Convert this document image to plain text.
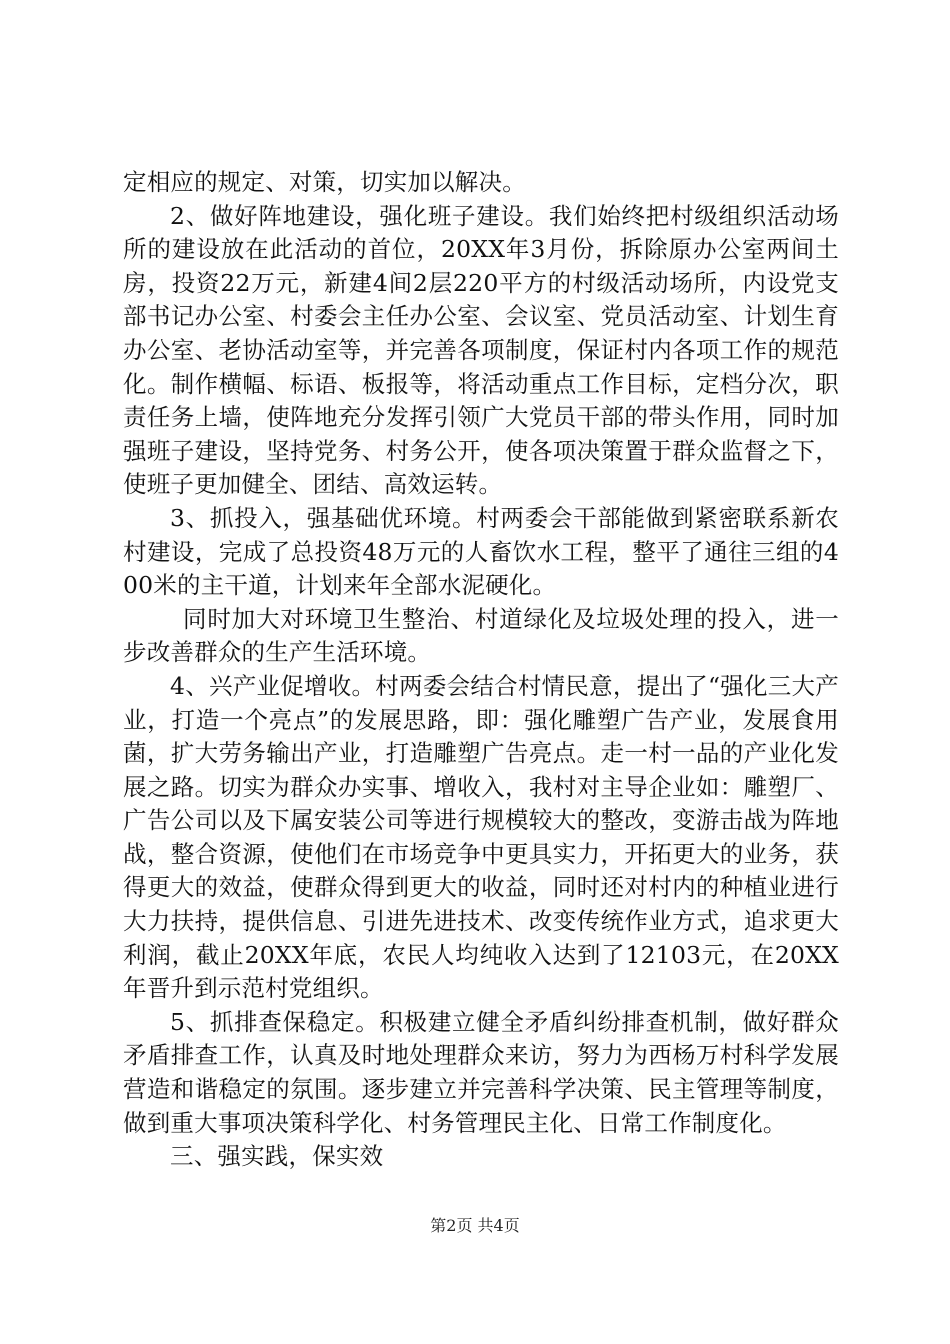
定相应的规定、对策，切实加以解决。

2、做好阵地建设，强化班子建设。我们始终把村级组织活动场所的建设放在此活动的首位，20XX年3月份，拆除原办公室两间土房，投资22万元，新建4间2层220平方的村级活动场所，内设党支部书记办公室、村委会主任办公室、会议室、党员活动室、计划生育办公室、老协活动室等，并完善各项制度，保证村内各项工作的规范化。制作横幅、标语、板报等，将活动重点工作目标，定档分次，职责任务上墙，使阵地充分发挥引领广大党员干部的带头作用，同时加强班子建设，坚持党务、村务公开，使各项决策置于群众监督之下，使班子更加健全、团结、高效运转。

3、抓投入，强基础优环境。村两委会干部能做到紧密联系新农村建设，完成了总投资48万元的人畜饮水工程，整平了通往三组的400米的主干道，计划来年全部水泥硬化。

同时加大对环境卫生整治、村道绿化及垃圾处理的投入，进一步改善群众的生产生活环境。

4、兴产业促增收。村两委会结合村情民意，提出了“强化三大产业，打造一个亮点”的发展思路，即：强化雕塑广告产业，发展食用菌，扩大劳务输出产业，打造雕塑广告亮点。走一村一品的产业化发展之路。切实为群众办实事、增收入，我村对主导企业如：雕塑厂、广告公司以及下属安装公司等进行规模较大的整改，变游击战为阵地战，整合资源，使他们在市场竞争中更具实力，开拓更大的业务，获得更大的效益，使群众得到更大的收益，同时还对村内的种植业进行大力扶持，提供信息、引进先进技术、改变传统作业方式，追求更大利润，截止20XX年底，农民人均纯收入达到了12103元，在20XX年晋升到示范村党组织。

5、抓排查保稳定。积极建立健全矛盾纠纷排查机制，做好群众矛盾排查工作，认真及时地处理群众来访，努力为西杨万村科学发展营造和谐稳定的氛围。逐步建立并完善科学决策、民主管理等制度，做到重大事项决策科学化、村务管理民主化、日常工作制度化。

三、强实践，保实效

第2页 共4页
